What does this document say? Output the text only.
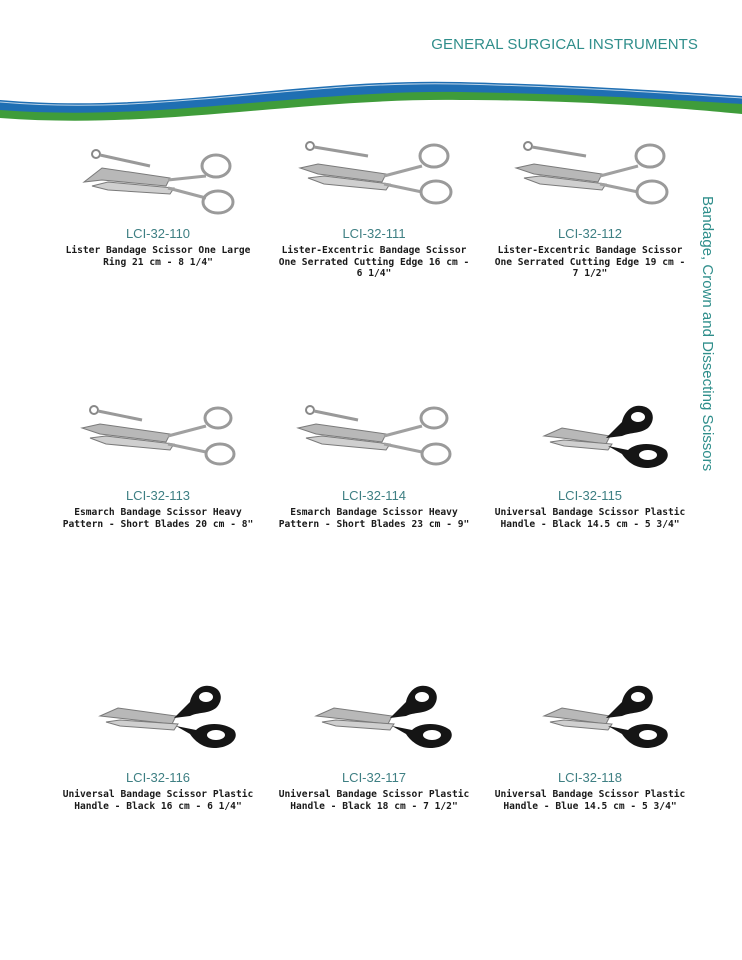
GENERAL SURGICAL INSTRUMENTS
Bandage, Crown and Dissecting Scissors
LCI-32-110
Lister Bandage Scissor One Large Ring 21 cm - 8 1/4"
LCI-32-111
Lister-Excentric Bandage Scissor One Serrated Cutting Edge 16 cm - 6 1/4"
LCI-32-112
Lister-Excentric Bandage Scissor One Serrated Cutting Edge 19 cm - 7 1/2"
LCI-32-113
Esmarch Bandage Scissor Heavy Pattern - Short Blades 20 cm - 8"
LCI-32-114
Esmarch Bandage Scissor Heavy Pattern - Short Blades 23 cm - 9"
LCI-32-115
Universal Bandage Scissor Plastic Handle - Black 14.5 cm - 5 3/4"
LCI-32-116
Universal Bandage Scissor Plastic Handle - Black 16 cm - 6 1/4"
LCI-32-117
Universal Bandage Scissor Plastic Handle - Black 18 cm - 7 1/2"
LCI-32-118
Universal Bandage Scissor Plastic Handle - Blue 14.5 cm - 5 3/4"
